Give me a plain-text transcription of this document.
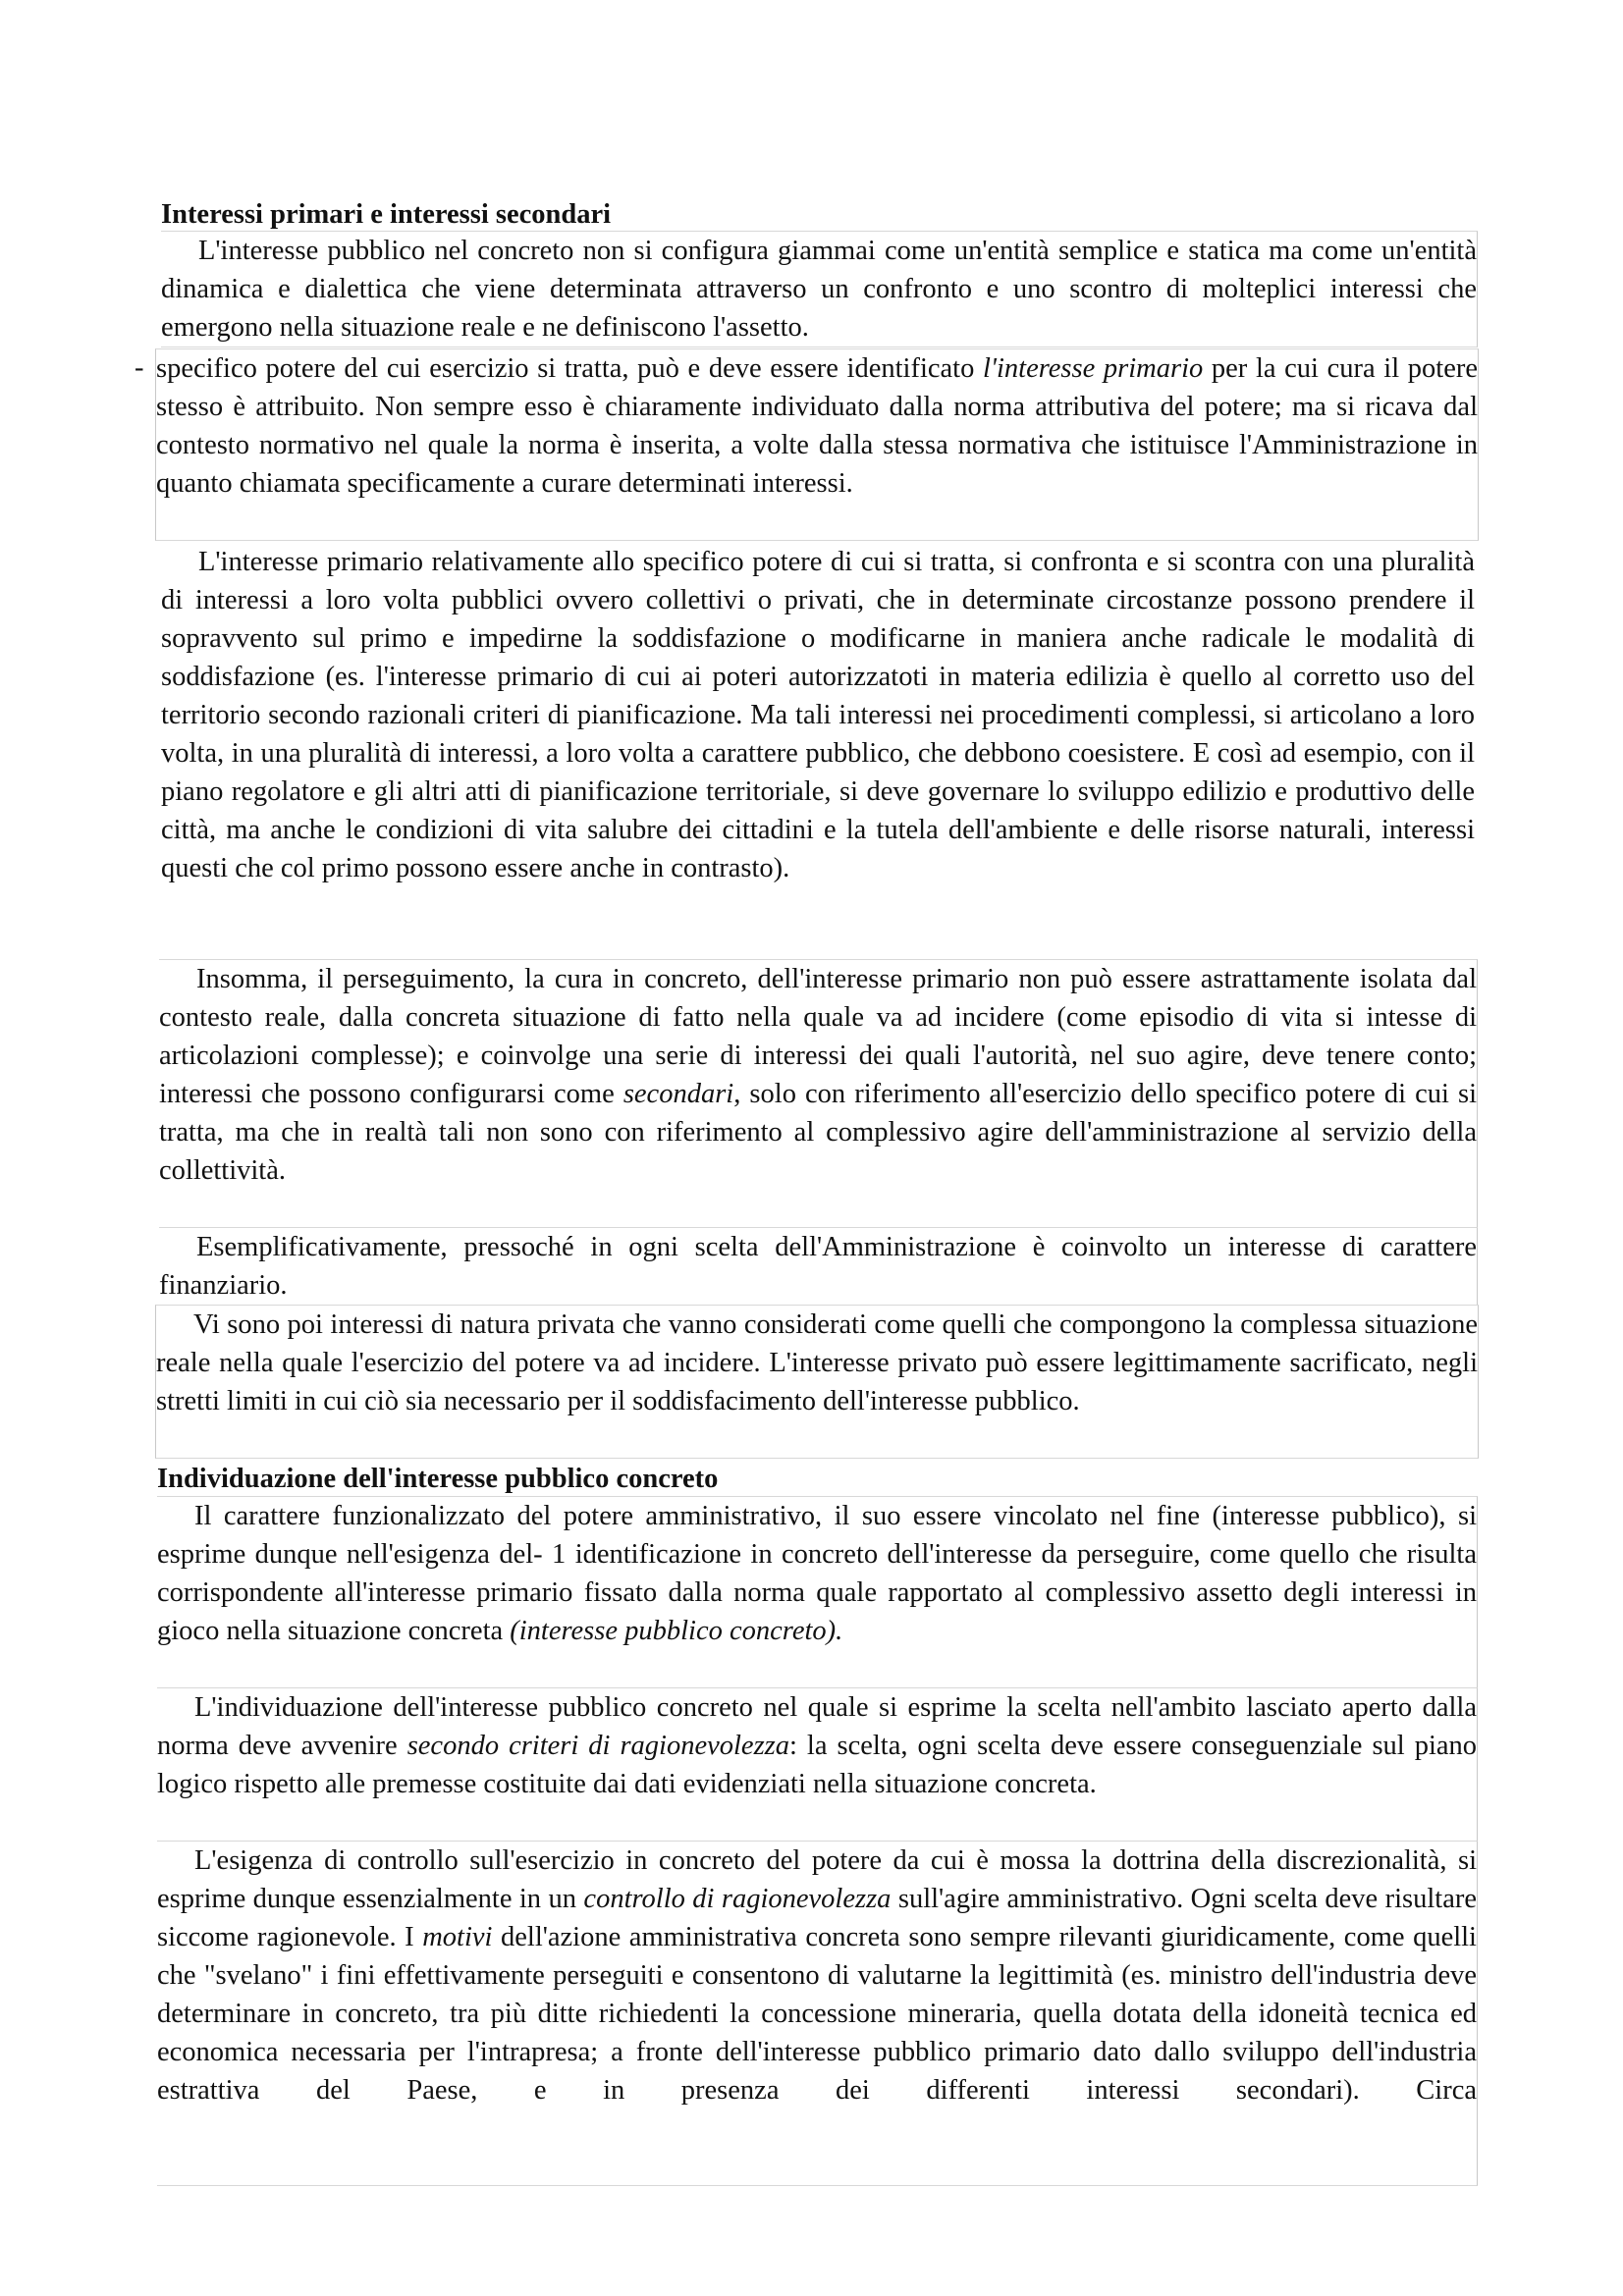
Interessi primari e interessi secondari

L'interesse pubblico nel concreto non si configura giammai come un'entità semplice e statica ma come un'entità dinamica e dialettica che viene determinata attraverso un confronto e uno scontro di molteplici interessi che emergono nella situazione reale e ne definiscono l'assetto.

- specifico potere del cui esercizio si tratta, può e deve essere identificato l'interesse primario per la cui cura il potere stesso è attribuito. Non sempre esso è chiaramente individuato dalla norma attributiva del potere; ma si ricava dal contesto normativo nel quale la norma è inserita, a volte dalla stessa normativa che istituisce l'Amministrazione in quanto chiamata specificamente a curare determinati interessi.

L'interesse primario relativamente allo specifico potere di cui si tratta, si confronta e si scontra con una pluralità di interessi a loro volta pubblici ovvero collettivi o privati, che in determinate circostanze possono prendere il sopravvento sul primo e impedirne la soddisfazione o modificarne in maniera anche radicale le modalità di soddisfazione (es. l'interesse primario di cui ai poteri autorizzatoti in materia edilizia è quello al corretto uso del territorio secondo razionali criteri di pianificazione. Ma tali interessi nei procedimenti complessi, si articolano a loro volta, in una pluralità di interessi, a loro volta a carattere pubblico, che debbono coesistere. E così ad esempio, con il piano regolatore e gli altri atti di pianificazione territoriale, si deve governare lo sviluppo edilizio e produttivo delle città, ma anche le condizioni di vita salubre dei cittadini e la tutela dell'ambiente e delle risorse naturali, interessi questi che col primo possono essere anche in contrasto).

Insomma, il perseguimento, la cura in concreto, dell'interesse primario non può essere astrattamente isolata dal contesto reale, dalla concreta situazione di fatto nella quale va ad incidere (come episodio di vita si intesse di articolazioni complesse); e coinvolge una serie di interessi dei quali l'autorità, nel suo agire, deve tenere conto; interessi che possono configurarsi come secondari, solo con riferimento all'esercizio dello specifico potere di cui si tratta, ma che in realtà tali non sono con riferimento al complessivo agire dell'amministrazione al servizio della collettività.

Esemplificativamente, pressoché in ogni scelta dell'Amministrazione è coinvolto un interesse di carattere finanziario.

Vi sono poi interessi di natura privata che vanno considerati come quelli che compongono la complessa situazione reale nella quale l'esercizio del potere va ad incidere. L'interesse privato può essere legittimamente sacrificato, negli stretti limiti in cui ciò sia necessario per il soddisfacimento dell'interesse pubblico.

Individuazione dell'interesse pubblico concreto

Il carattere funzionalizzato del potere amministrativo, il suo essere vincolato nel fine (interesse pubblico), si esprime dunque nell'esigenza del- 1 identificazione in concreto dell'interesse da perseguire, come quello che risulta corrispondente all'interesse primario fissato dalla norma quale rapportato al complessivo assetto degli interessi in gioco nella situazione concreta (interesse pubblico concreto).

L'individuazione dell'interesse pubblico concreto nel quale si esprime la scelta nell'ambito lasciato aperto dalla norma deve avvenire secondo criteri di ragionevolezza: la scelta, ogni scelta deve essere conseguenziale sul piano logico rispetto alle premesse costituite dai dati evidenziati nella situazione concreta.

L'esigenza di controllo sull'esercizio in concreto del potere da cui è mossa la dottrina della discrezionalità, si esprime dunque essenzialmente in un controllo di ragionevolezza sull'agire amministrativo. Ogni scelta deve risultare siccome ragionevole. I motivi dell'azione amministrativa concreta sono sempre rilevanti giuridicamente, come quelli che "svelano" i fini effettivamente perseguiti e consentono di valutarne la legittimità (es. ministro dell'industria deve determinare in concreto, tra più ditte richiedenti la concessione mineraria, quella dotata della idoneità tecnica ed economica necessaria per l'intrapresa; a fronte dell'interesse pubblico primario dato dallo sviluppo dell'industria estrattiva del Paese, e in presenza dei differenti interessi secondari). Circa
